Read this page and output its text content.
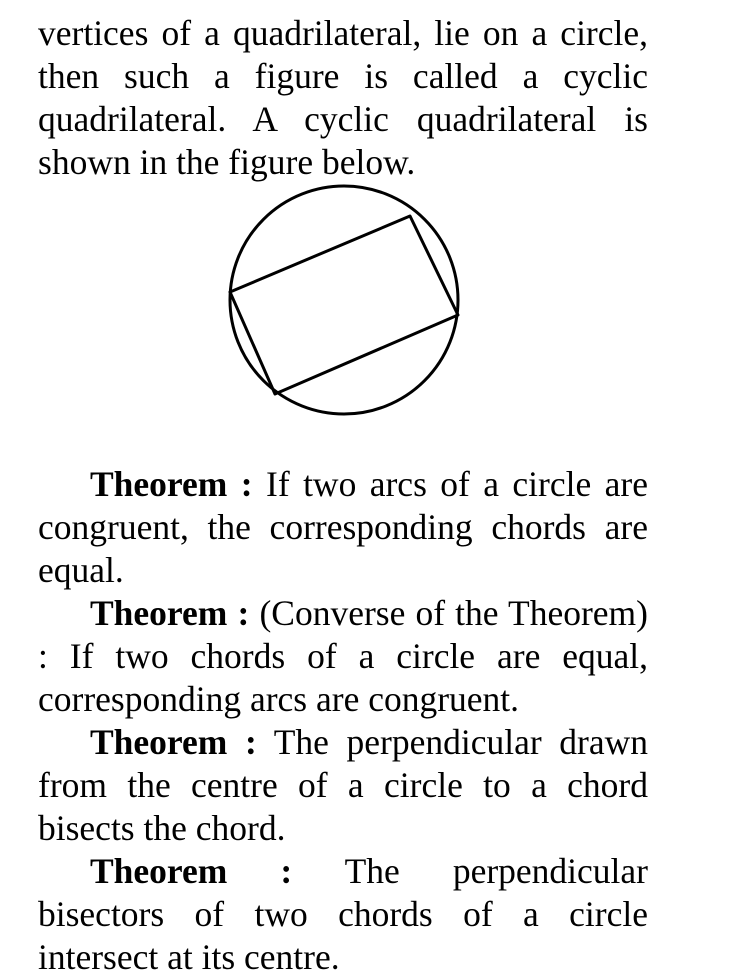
vertices of a quadrilateral, lie on a circle, then such a figure is called a cyclic quadrilateral. A cyclic quadrilateral is shown in the figure below.

Theorem : If two arcs of a circle are congruent, the corresponding chords are equal.

Theorem : (Converse of the Theorem) : If two chords of a circle are equal, corresponding arcs are congruent.

Theorem : The perpendicular drawn from the centre of a circle to a chord bisects the chord.

Theorem : The perpendicular bisectors of two chords of a circle intersect at its centre.
